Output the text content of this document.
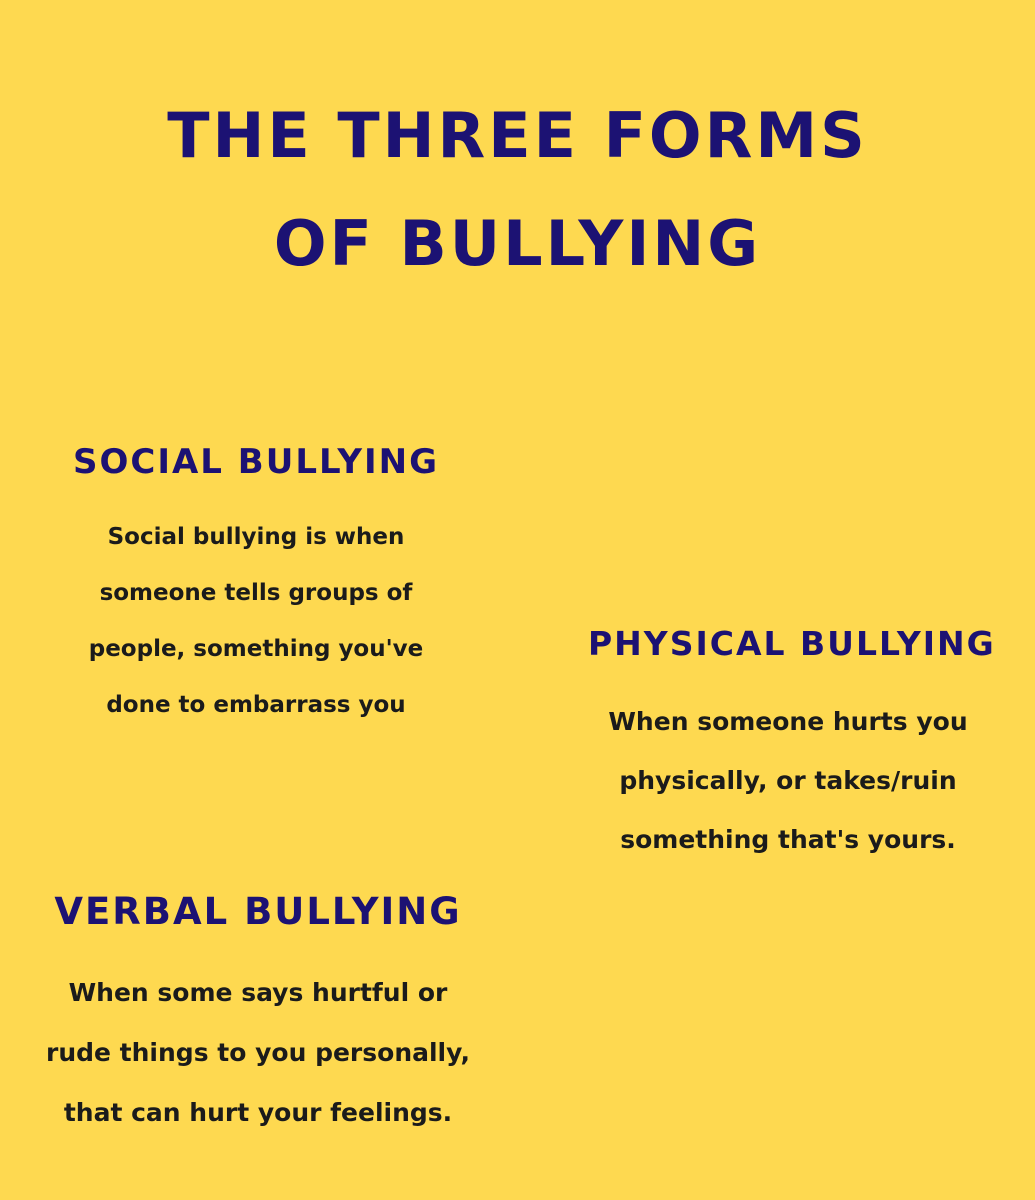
THE THREE FORMS
OF BULLYING
SOCIAL BULLYING
Social bullying is when
someone tells groups of
people, something you've
done to embarrass you
PHYSICAL BULLYING
When someone hurts you
physically, or takes/ruin
something that's yours.
VERBAL BULLYING
When some says hurtful or
rude things to you personally,
that can hurt your feelings.
